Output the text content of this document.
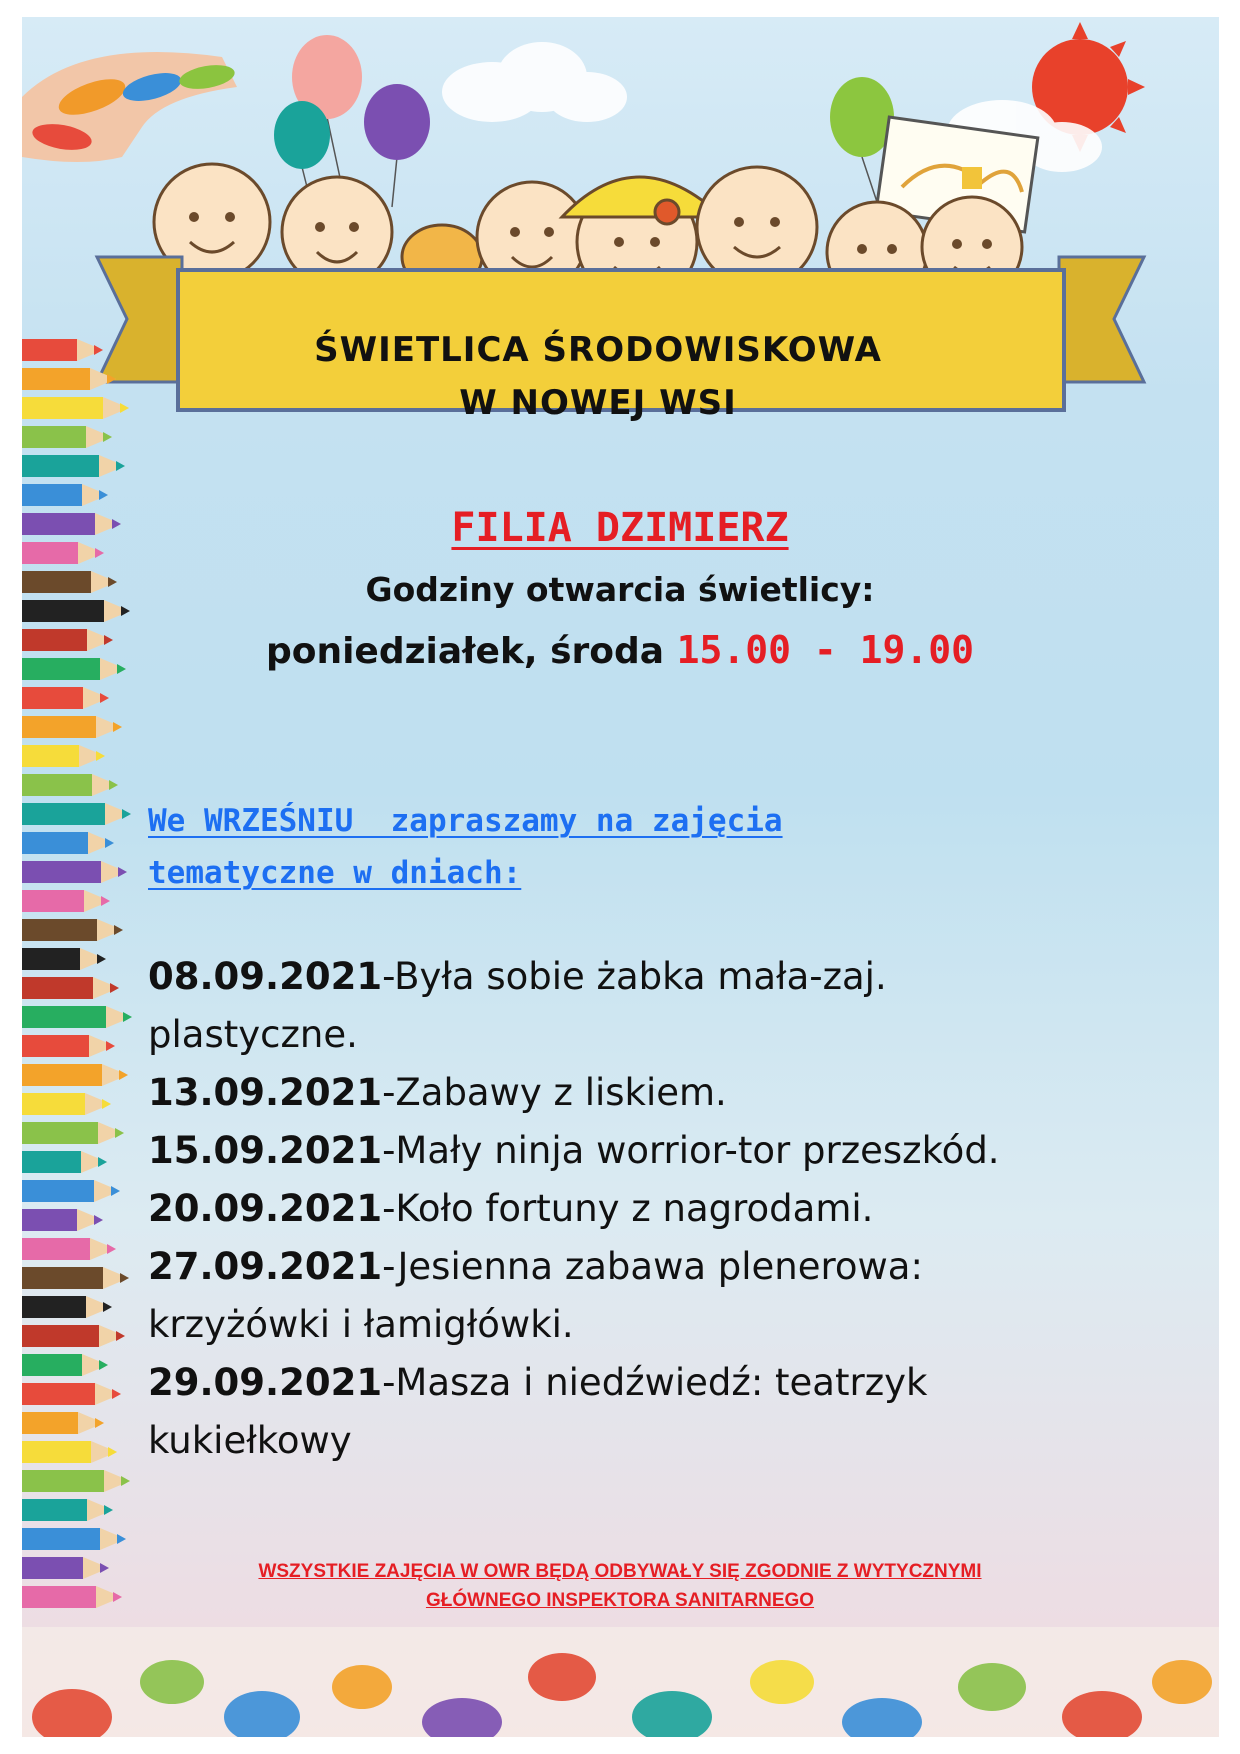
ŚWIETLICA ŚRODOWISKOWA
W NOWEJ WSI
FILIA DZIMIERZ
Godziny otwarcia świetlicy:
poniedziałek, środa 15.00 - 19.00
We WRZEŚNIU  zapraszamy na zajęcia
tematyczne w dniach:
08.09.2021-Była sobie żabka mała-zaj. plastyczne.
13.09.2021-Zabawy z liskiem.
15.09.2021-Mały ninja worrior-tor przeszkód.
20.09.2021-Koło fortuny z nagrodami.
27.09.2021-Jesienna zabawa plenerowa: krzyżówki i łamigłówki.
29.09.2021-Masza i niedźwiedź: teatrzyk kukiełkowy
WSZYSTKIE ZAJĘCIA W OWR BĘDĄ ODBYWAŁY SIĘ ZGODNIE Z WYTYCZNYMI
GŁÓWNEGO INSPEKTORA SANITARNEGO
